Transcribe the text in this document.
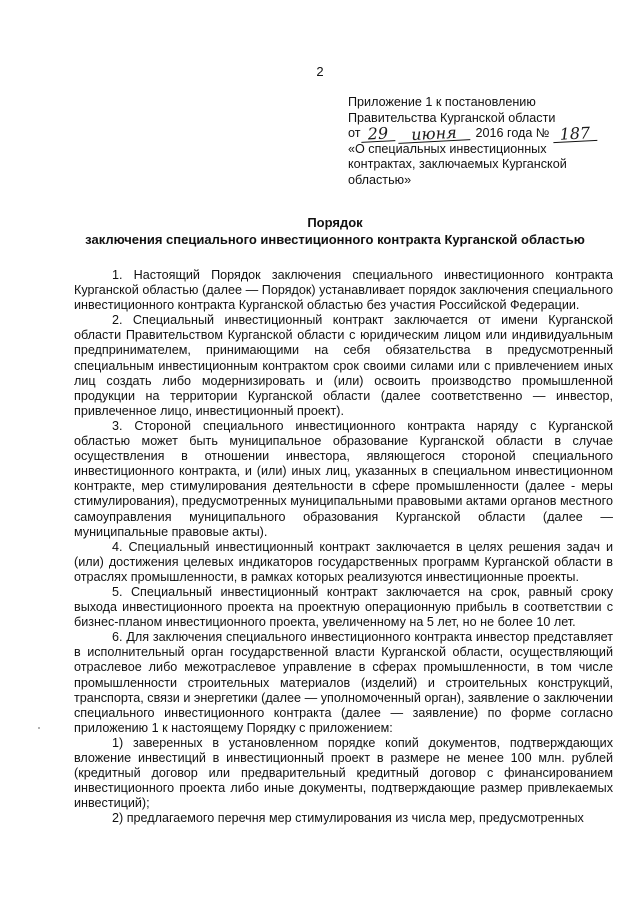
2
Приложение 1 к постановлению
Правительства Курганской области
от 29	июня	2016 года № 187
«О специальных инвестиционных
контрактах, заключаемых Курганской
областью»
Порядок
заключения специального инвестиционного контракта Курганской областью

1. Настоящий Порядок заключения специального инвестиционного контракта Курганской областью (далее — Порядок) устанавливает порядок заключения специального инвестиционного контракта Курганской областью без участия Российской Федерации.

2. Специальный инвестиционный контракт заключается от имени Курганской области Правительством Курганской области с юридическим лицом или индивидуальным предпринимателем, принимающими на себя обязательства в предусмотренный специальным инвестиционным контрактом срок своими силами или с привлечением иных лиц создать либо модернизировать и (или) освоить производство промышленной продукции на территории Курганской области (далее соответственно — инвестор, привлеченное лицо, инвестиционный проект).

3. Стороной специального инвестиционного контракта наряду с Курганской областью может быть муниципальное образование Курганской области в случае осуществления в отношении инвестора, являющегося стороной специального инвестиционного контракта, и (или) иных лиц, указанных в специальном инвестиционном контракте, мер стимулирования деятельности в сфере промышленности (далее - меры стимулирования), предусмотренных муниципальными правовыми актами органов местного самоуправления муниципального образования Курганской области (далее — муниципальные правовые акты).

4. Специальный инвестиционный контракт заключается в целях решения задач и (или) достижения целевых индикаторов государственных программ Курганской области в отраслях промышленности, в рамках которых реализуются инвестиционные проекты.

5. Специальный инвестиционный контракт заключается на срок, равный сроку выхода инвестиционного проекта на проектную операционную прибыль в соответствии с бизнес-планом инвестиционного проекта, увеличенному на 5 лет, но не более 10 лет.

6. Для заключения специального инвестиционного контракта инвестор представляет в исполнительный орган государственной власти Курганской области, осуществляющий отраслевое либо межотраслевое управление в сферах промышленности, в том числе промышленности строительных материалов (изделий) и строительных конструкций, транспорта, связи и энергетики (далее — уполномоченный орган), заявление о заключении специального инвестиционного контракта (далее — заявление) по форме согласно приложению 1 к настоящему Порядку с приложением:

1) заверенных в установленном порядке копий документов, подтверждающих вложение инвестиций в инвестиционный проект в размере не менее 100 млн. рублей (кредитный договор или предварительный кредитный договор с финансированием инвестиционного проекта либо иные документы, подтверждающие размер привлекаемых инвестиций);

2) предлагаемого перечня мер стимулирования из числа мер, предусмотренных
